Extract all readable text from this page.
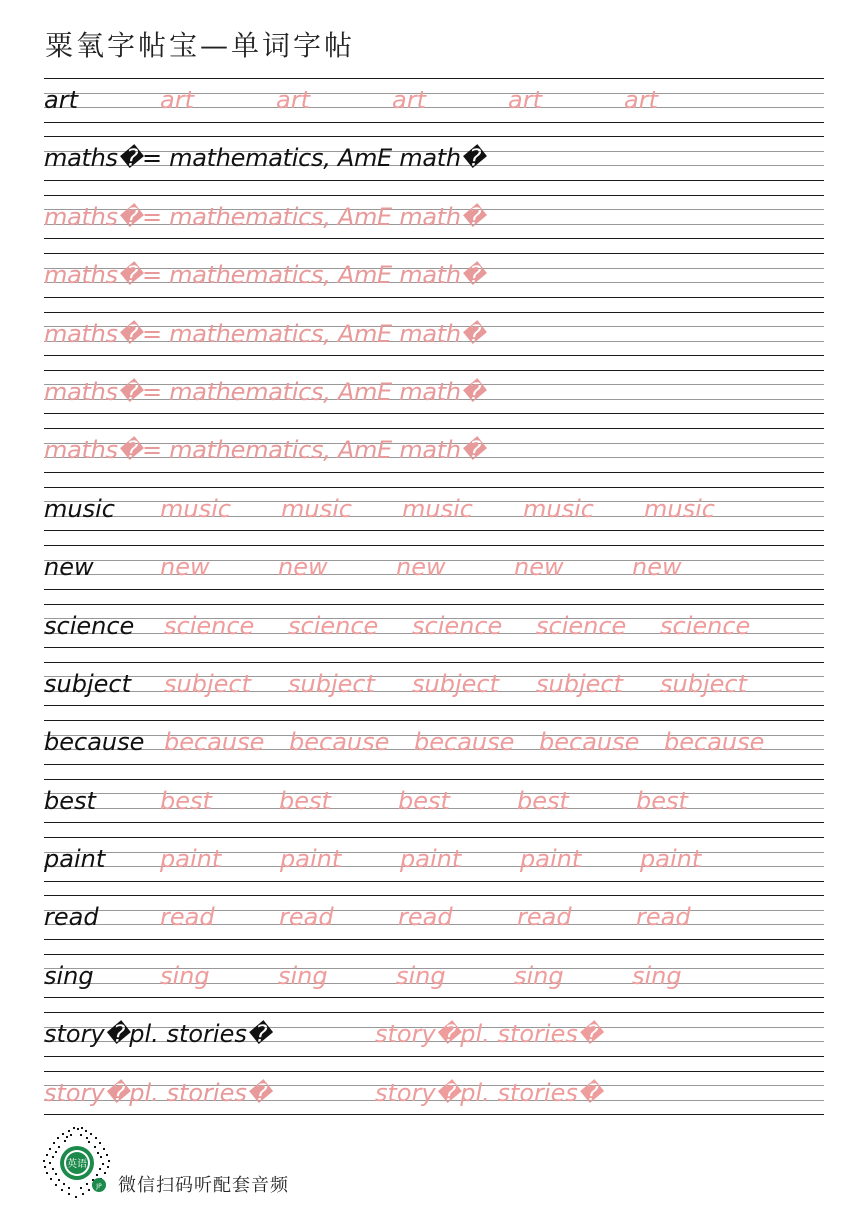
粟氧字帖宝—单词字帖
art	art	art	art	art	art
maths�= mathematics, AmE math�
maths�= mathematics, AmE math�
maths�= mathematics, AmE math�
maths�= mathematics, AmE math�
maths�= mathematics, AmE math�
maths�= mathematics, AmE math�
music music music music music music
new	new	new	new	new	new
science science science science science science
subject subject subject subject subject subject
because because because because because because
best	best	best	best	best	best
paint paint paint paint paint paint
read	read	read	read	read	read
sing	sing	sing	sing	sing	sing
story�pl. stories�	story�pl. stories�
story�pl. stories�	story�pl. stories�
英语
JP 微信扫码听配套音频
